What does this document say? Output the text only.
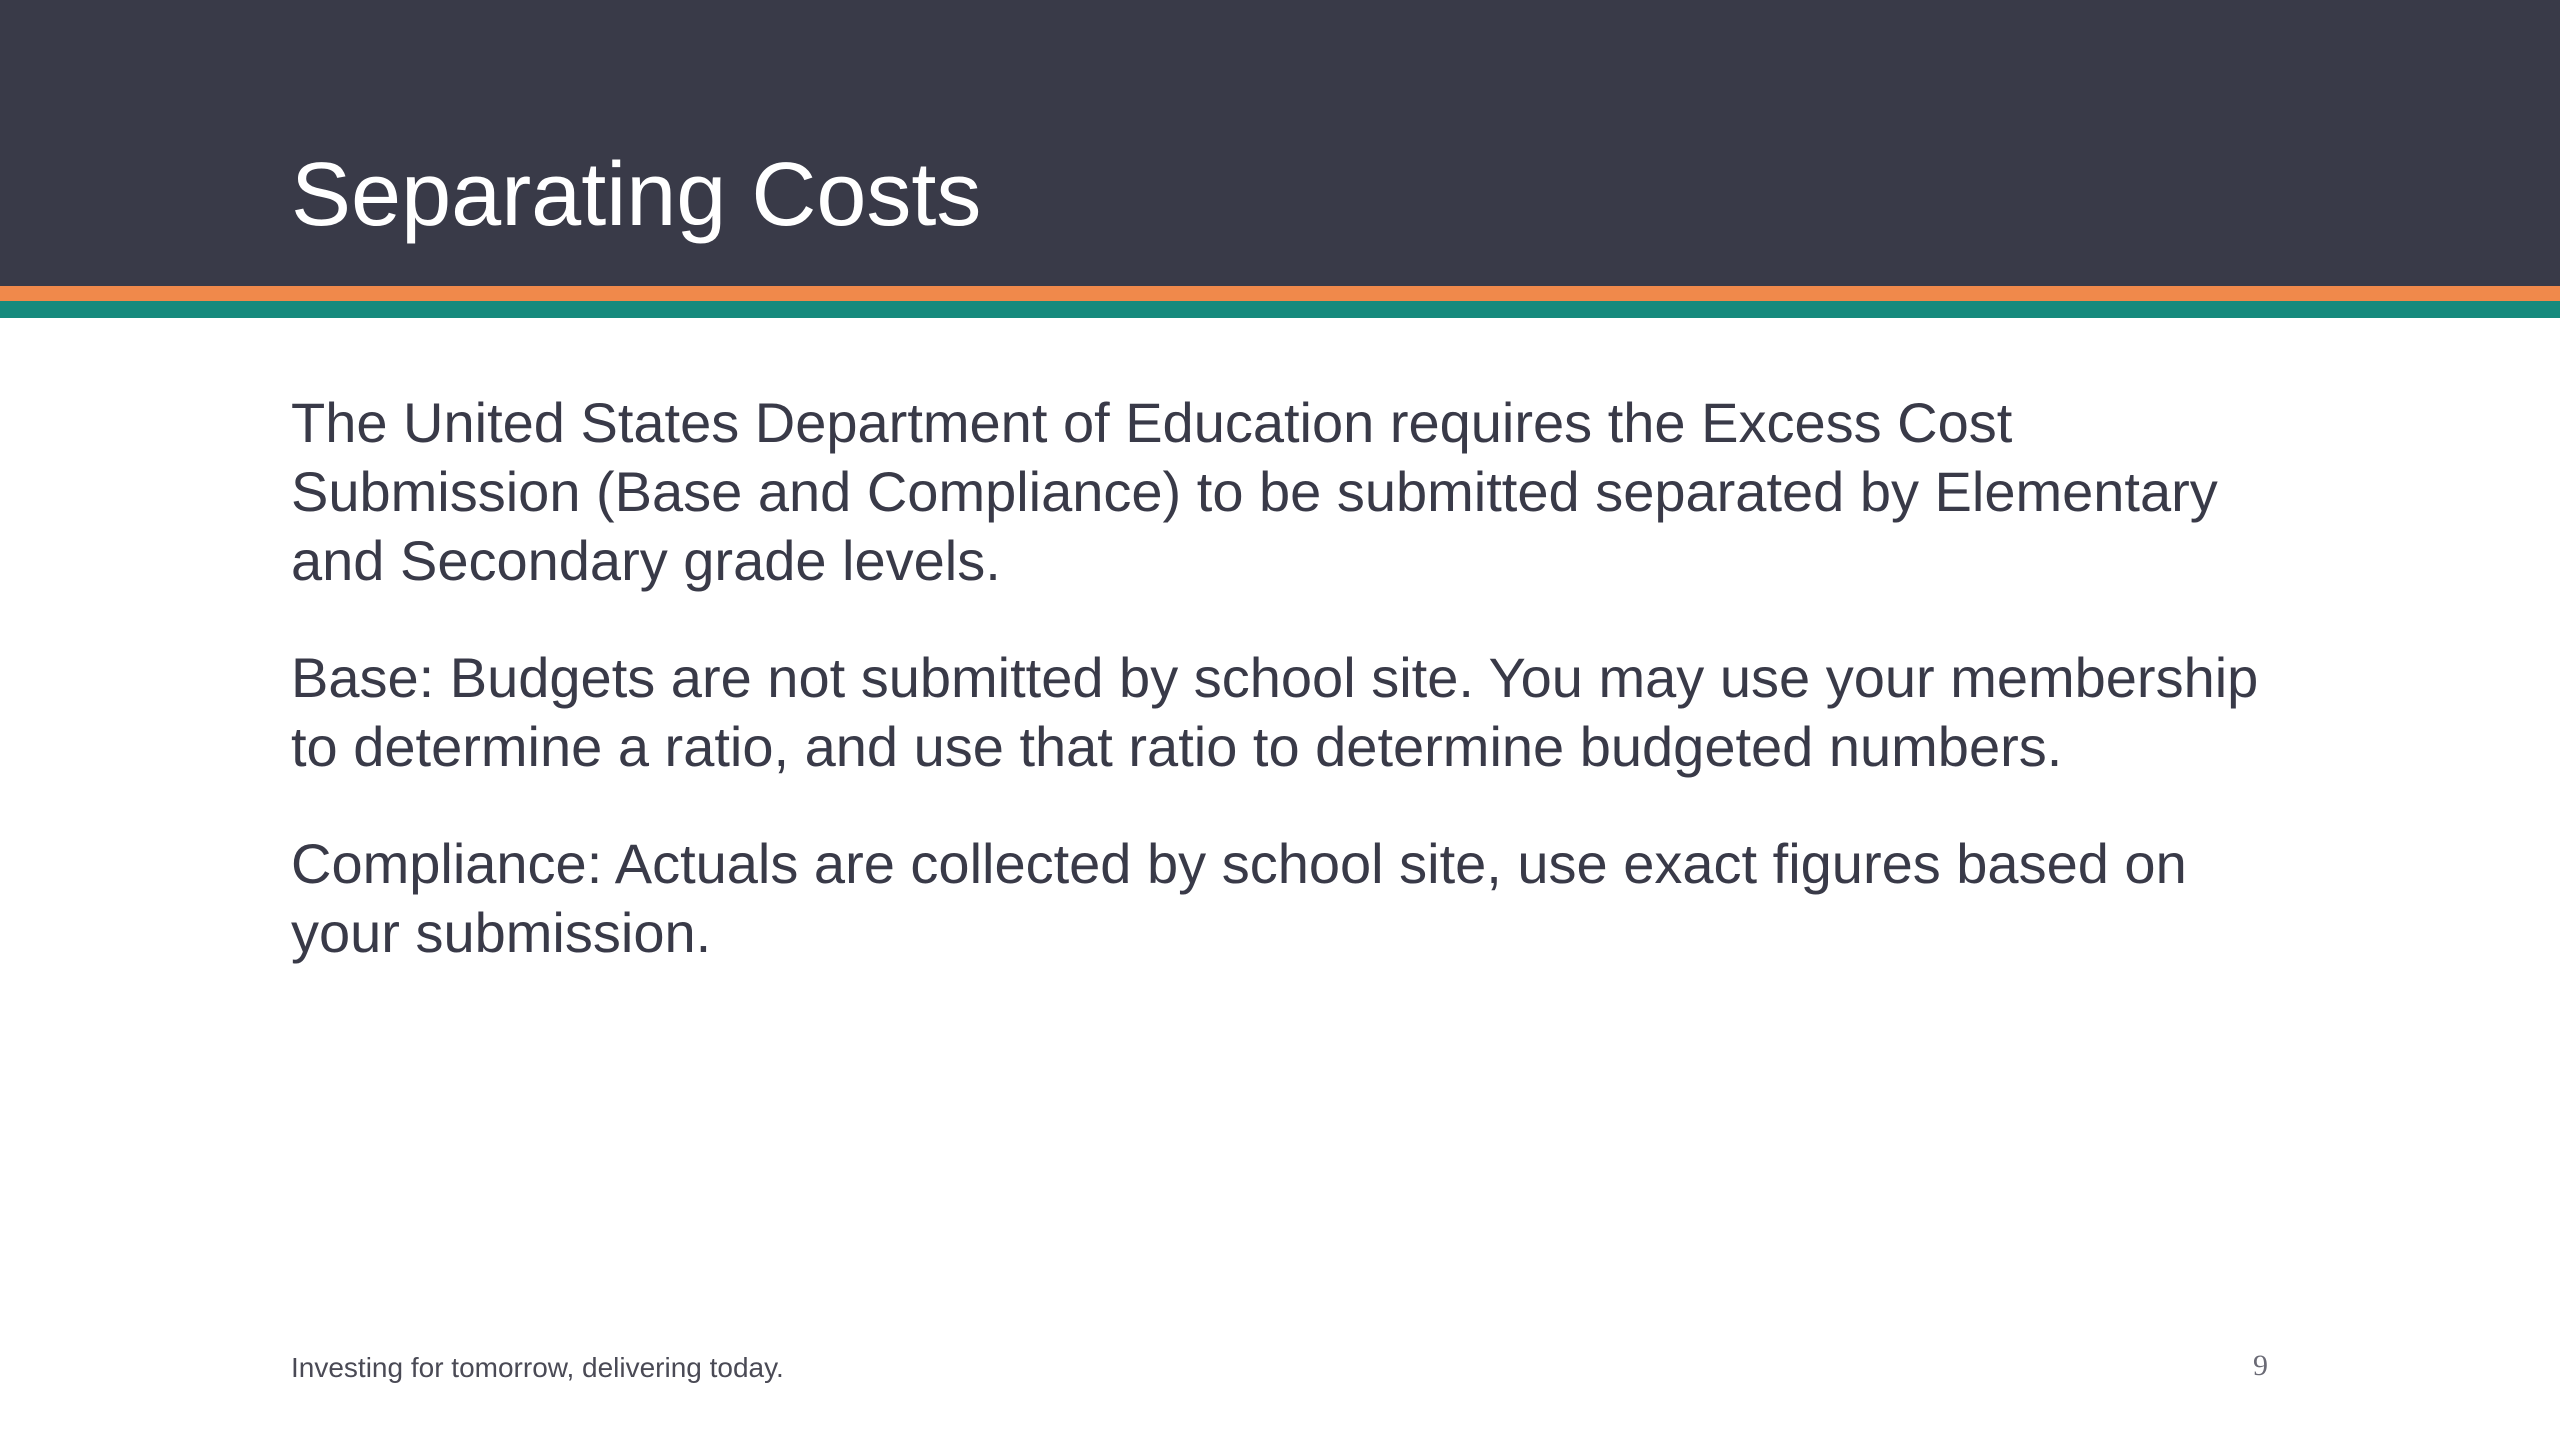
Separating Costs

The United States Department of Education requires the Excess Cost Submission (Base and Compliance) to be submitted separated by Elementary and Secondary grade levels.

Base: Budgets are not submitted by school site. You may use your membership to determine a ratio, and use that ratio to determine budgeted numbers.

Compliance: Actuals are collected by school site, use exact figures based on your submission.

Investing for tomorrow, delivering today.	9
